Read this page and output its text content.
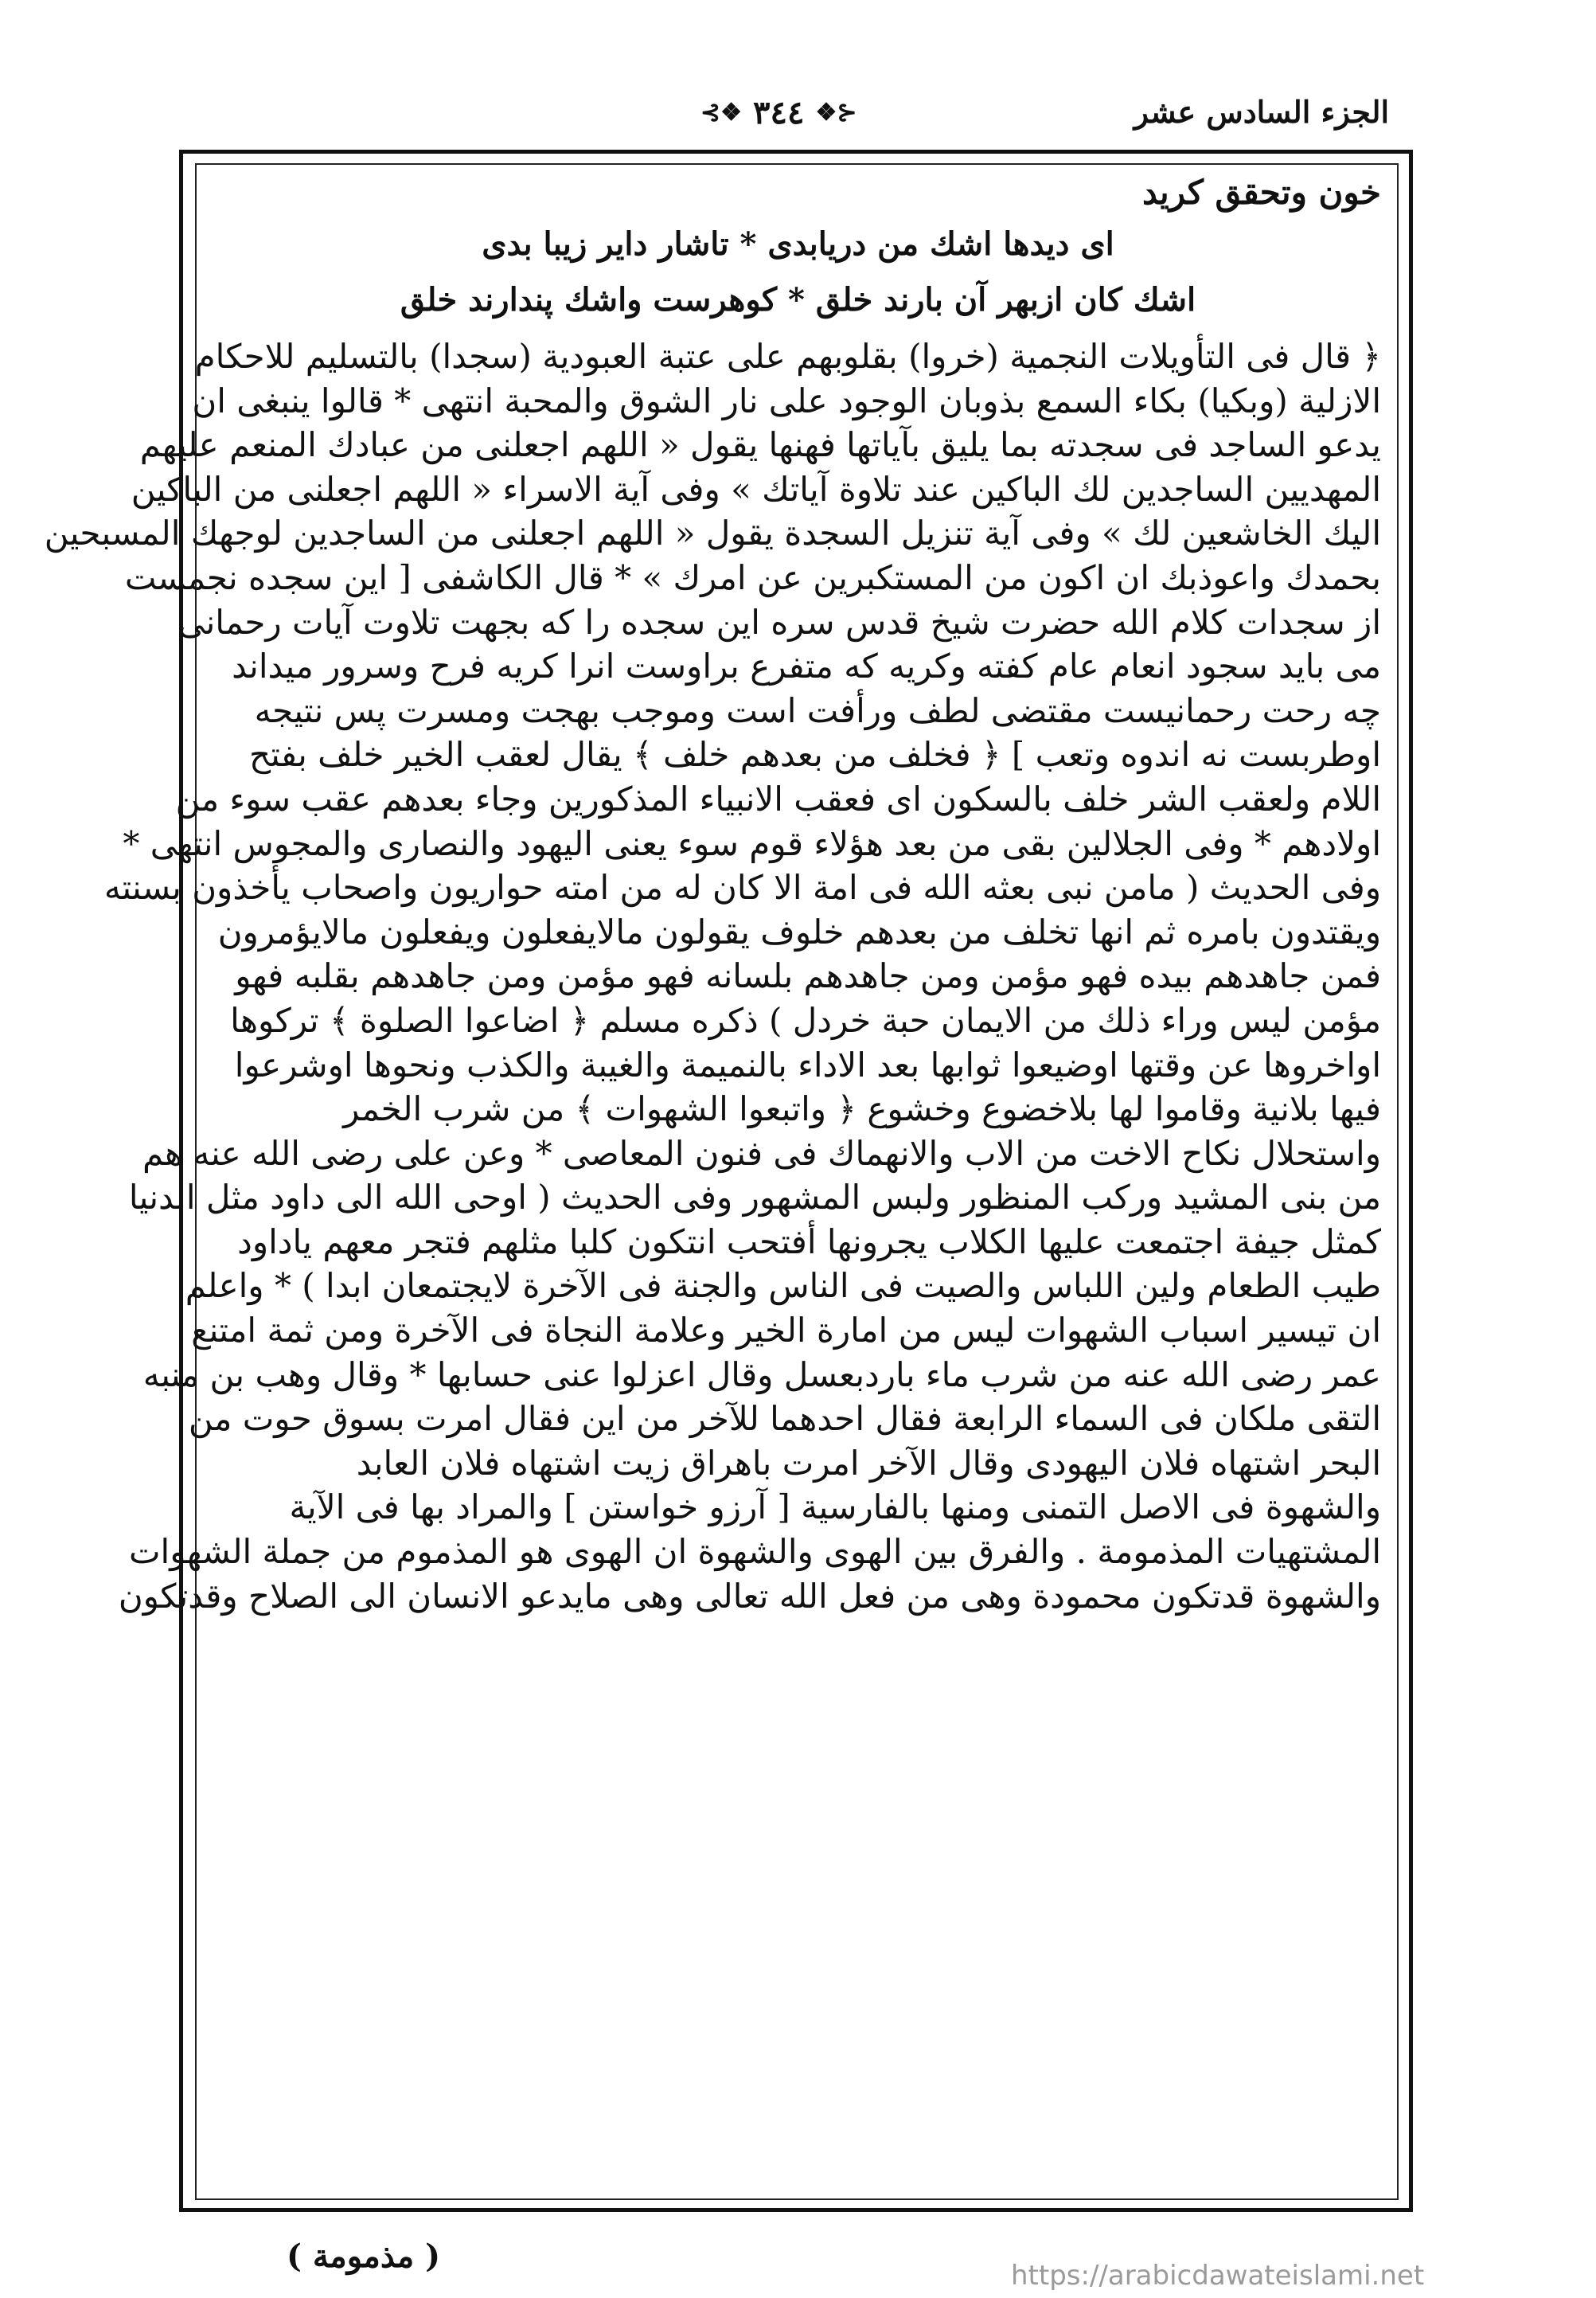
الجزء السادس عشر
⊰❖ ٣٤٤ ❖⊱
خون وتحقق كريد
اى ديدها اشك من دريابدى * تاشار داير زيبا بدى
اشك كان ازبهر آن بارند خلق * كوهرست واشك پندارند خلق
﴿ قال فى التأويلات النجمية (خروا) بقلوبهم على عتبة العبودية (سجدا) بالتسليم للاحكام
الازلية (وبكيا) بكاء السمع بذوبان الوجود على نار الشوق والمحبة انتهى * قالوا ينبغى ان
يدعو الساجد فى سجدته بما يليق بآياتها فهنها يقول « اللهم اجعلنى من عبادك المنعم عليهم
المهديين الساجدين لك الباكين عند تلاوة آياتك » وفى آية الاسراء « اللهم اجعلنى من الباكين
اليك الخاشعين لك » وفى آية تنزيل السجدة يقول « اللهم اجعلنى من الساجدين لوجهك المسبحين
بحمدك واعوذبك ان اكون من المستكبرين عن امرك » * قال الكاشفى [ اين سجده نجمست
از سجدات كلام الله حضرت شيخ قدس سره اين سجده را كه بجهت تلاوت آيات رحمانى
مى بايد سجود انعام عام كفته وكريه كه متفرع براوست انرا كريه فرح وسرور ميداند
چه رحت رحمانيست مقتضى لطف ورأفت است وموجب بهجت ومسرت پس نتيجه
اوطربست نه اندوه وتعب ] ﴿ فخلف من بعدهم خلف ﴾ يقال لعقب الخير خلف بفتح
اللام ولعقب الشر خلف بالسكون اى فعقب الانبياء المذكورين وجاء بعدهم عقب سوء من
اولادهم * وفى الجلالين بقى من بعد هؤلاء قوم سوء يعنى اليهود والنصارى والمجوس انتهى *
وفى الحديث ( مامن نبى بعثه الله فى امة الا كان له من امته حواريون واصحاب يأخذون بسنته
ويقتدون بامره ثم انها تخلف من بعدهم خلوف يقولون مالايفعلون ويفعلون مالايؤمرون
فمن جاهدهم بيده فهو مؤمن ومن جاهدهم بلسانه فهو مؤمن ومن جاهدهم بقلبه فهو
مؤمن ليس وراء ذلك من الايمان حبة خردل ) ذكره مسلم ﴿ اضاعوا الصلوة ﴾ تركوها
اواخروها عن وقتها اوضيعوا ثوابها بعد الاداء بالنميمة والغيبة والكذب ونحوها اوشرعوا
فيها بلانية وقاموا لها بلاخضوع وخشوع ﴿ واتبعوا الشهوات ﴾ من شرب الخمر
واستحلال نكاح الاخت من الاب والانهماك فى فنون المعاصى * وعن على رضى الله عنه هم
من بنى المشيد وركب المنظور ولبس المشهور وفى الحديث ( اوحى الله الى داود مثل الدنيا
كمثل جيفة اجتمعت عليها الكلاب يجرونها أفتحب انتكون كلبا مثلهم فتجر معهم ياداود
طيب الطعام ولين اللباس والصيت فى الناس والجنة فى الآخرة لايجتمعان ابدا ) * واعلم
ان تيسير اسباب الشهوات ليس من امارة الخير وعلامة النجاة فى الآخرة ومن ثمة امتنع
عمر رضى الله عنه من شرب ماء باردبعسل وقال اعزلوا عنى حسابها * وقال وهب بن منبه
التقى ملكان فى السماء الرابعة فقال احدهما للآخر من اين فقال امرت بسوق حوت من
البحر اشتهاه فلان اليهودى وقال الآخر امرت باهراق زيت اشتهاه فلان العابد
والشهوة فى الاصل التمنى ومنها بالفارسية [ آرزو خواستن ] والمراد بها فى الآية
المشتهيات المذمومة . والفرق بين الهوى والشهوة ان الهوى هو المذموم من جملة الشهوات
والشهوة قدتكون محمودة وهى من فعل الله تعالى وهى مايدعو الانسان الى الصلاح وقدتكون
( مذمومة )
https://arabicdawateislami.net
